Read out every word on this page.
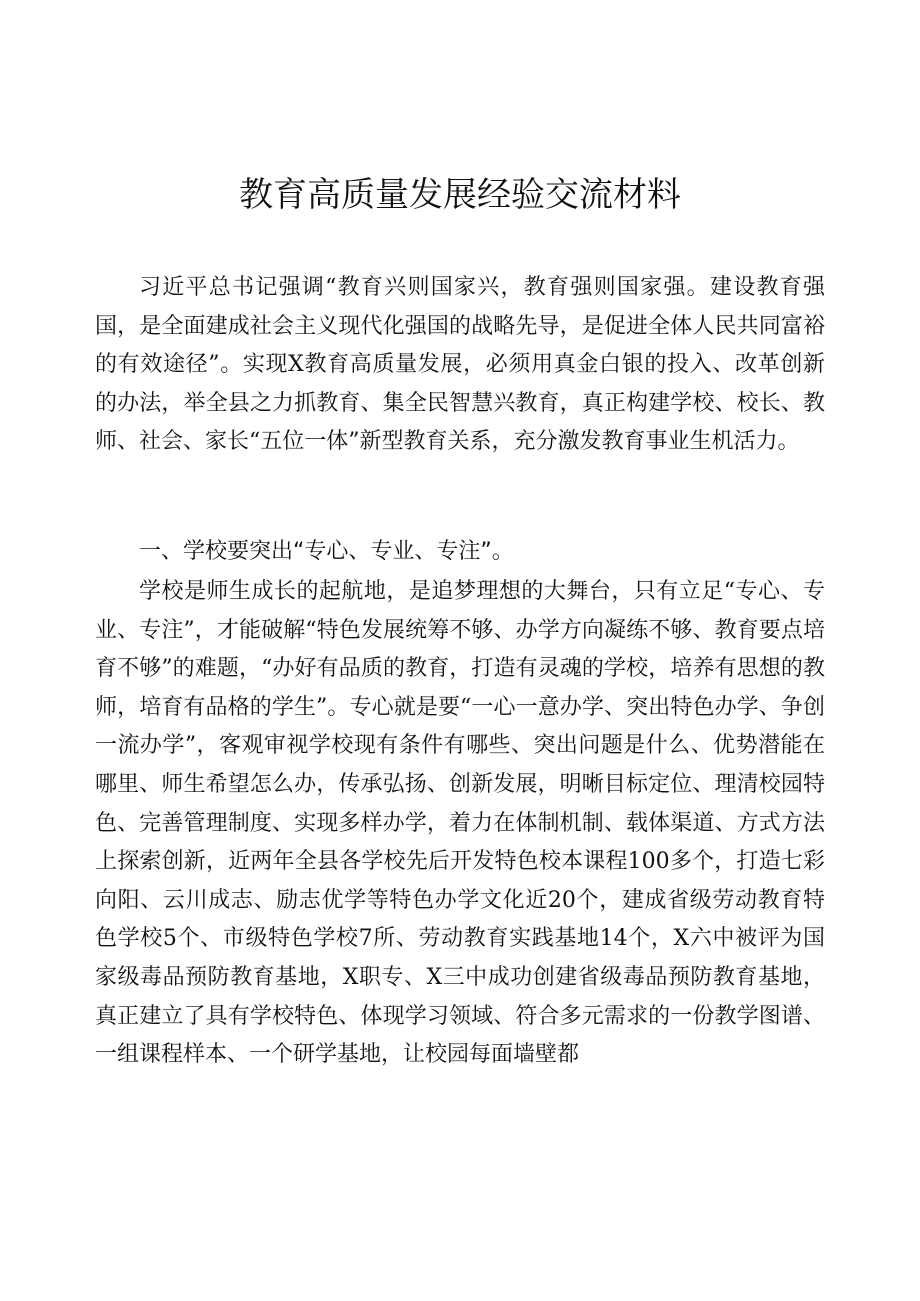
教育高质量发展经验交流材料

习近平总书记强调“教育兴则国家兴，教育强则国家强。建设教育强国，是全面建成社会主义现代化强国的战略先导，是促进全体人民共同富裕的有效途径”。实现X教育高质量发展，必须用真金白银的投入、改革创新的办法，举全县之力抓教育、集全民智慧兴教育，真正构建学校、校长、教师、社会、家长“五位一体”新型教育关系，充分激发教育事业生机活力。

一、学校要突出“专心、专业、专注”。

学校是师生成长的起航地，是追梦理想的大舞台，只有立足“专心、专业、专注”，才能破解“特色发展统筹不够、办学方向凝练不够、教育要点培育不够”的难题，“办好有品质的教育，打造有灵魂的学校，培养有思想的教师，培育有品格的学生”。专心就是要“一心一意办学、突出特色办学、争创一流办学”，客观审视学校现有条件有哪些、突出问题是什么、优势潜能在哪里、师生希望怎么办，传承弘扬、创新发展，明晰目标定位、理清校园特色、完善管理制度、实现多样办学，着力在体制机制、载体渠道、方式方法上探索创新，近两年全县各学校先后开发特色校本课程100多个，打造七彩向阳、云川成志、励志优学等特色办学文化近20个，建成省级劳动教育特色学校5个、市级特色学校7所、劳动教育实践基地14个，X六中被评为国家级毒品预防教育基地，X职专、X三中成功创建省级毒品预防教育基地，真正建立了具有学校特色、体现学习领域、符合多元需求的一份教学图谱、一组课程样本、一个研学基地，让校园每面墙壁都
